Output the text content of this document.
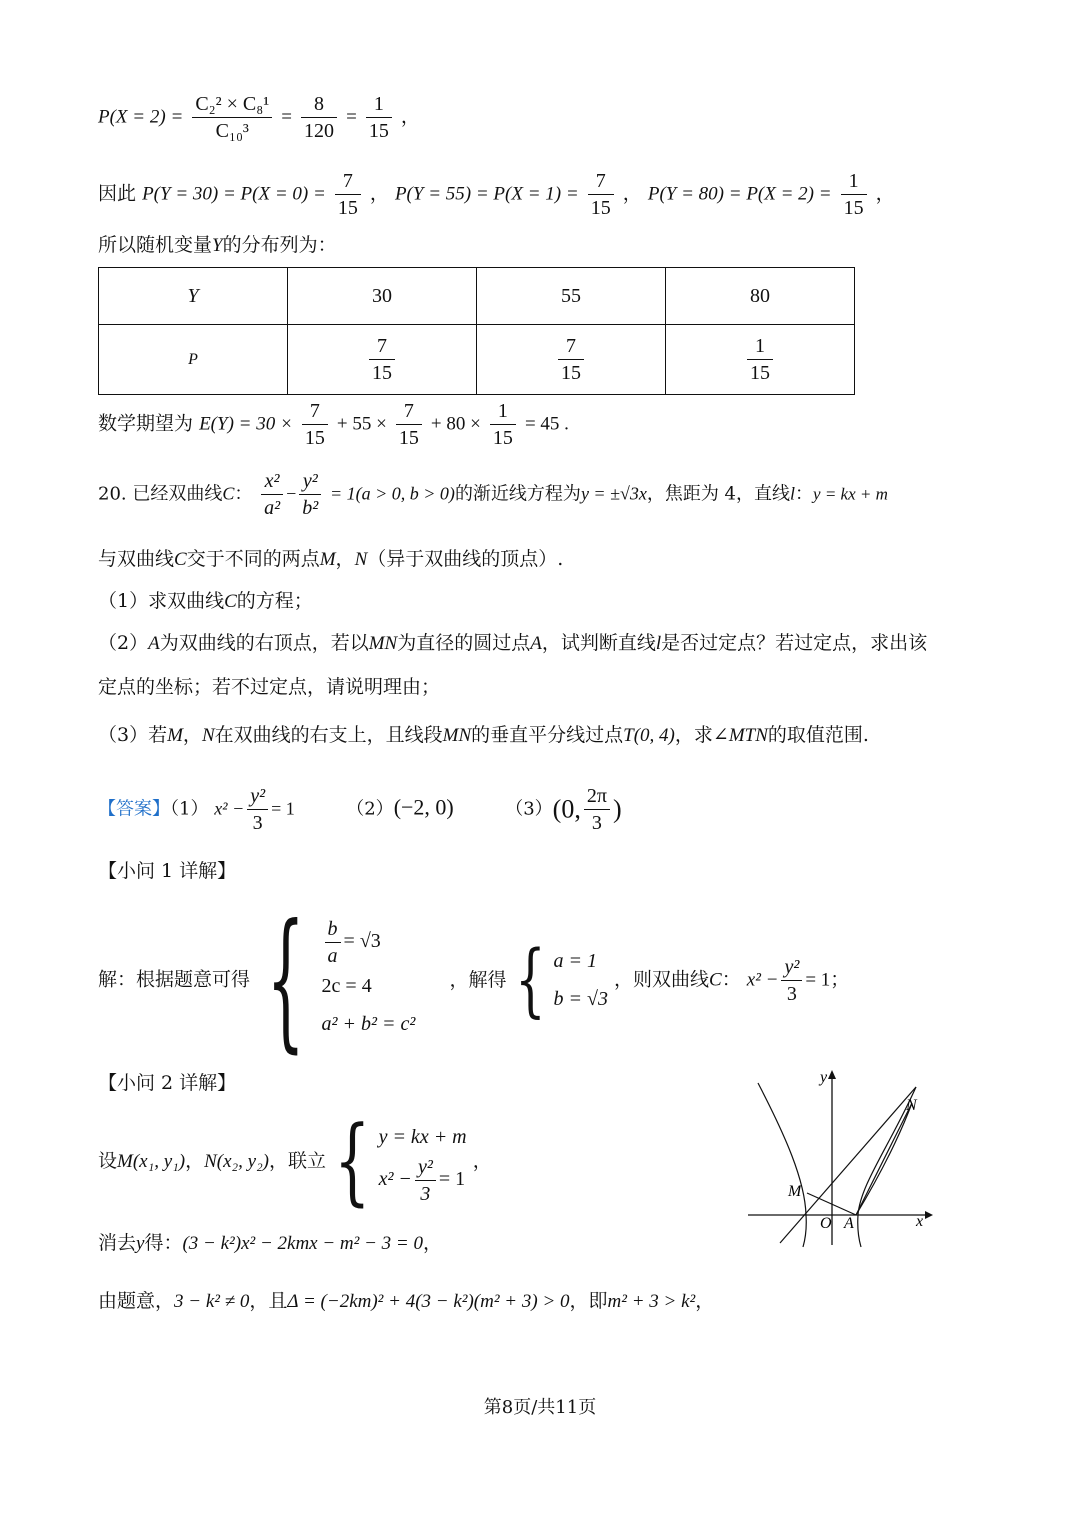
$P(X = 2) = \frac{\text{C₂² × C₈¹}}{\text{C₁₀³}} = \frac{8}{120} = \frac{1}{15}$ ，
因此 $P(Y = 30) = P(X = 0) = \frac{7}{15}$ ， $P(Y = 55) = P(X = 1) = \frac{7}{15}$ ， $P(Y = 80) = P(X = 2) = \frac{1}{15}$ ，
所以随机变量Y的分布列为：
Y	30	55	80
P	$\frac{7}{15}$	$\frac{7}{15}$	$\frac{1}{15}$
数学期望为 $E(Y) = 30 \times \frac{7}{15} + 55 \times \frac{7}{15} + 80 \times \frac{1}{15} = 45$ .
20. 已经双曲线C： $\frac{\text{x²}}{\text{a²}} - \frac{\text{y²}}{\text{b²}} = 1(a > 0$, b > 0)的渐近线方程为y = ±√3x，焦距为 4，直线l：y = kx + m
与双曲线C交于不同的两点M，N（异于双曲线的顶点）.
（1）求双曲线C的方程；
（2）A为双曲线的右顶点，若以MN为直径的圆过点A，试判断直线l是否过定点？若过定点，求出该
定点的坐标；若不过定点，请说明理由；
（3）若M，N在双曲线的右支上，且线段MN的垂直平分线过点T(0, 4)，求∠MTN的取值范围.
【答案】（1） $x^2 - \frac{\text{y²}}{3} = 1$	（2）(−2, 0)	（3）(0, $\frac{2\pi}{3}$ )
【小问 1 详解】
解：根据题意可得 { $\frac{b}{a} = √3$
2c = 4
a² + b² = c²
，解得 { a = 1
b = √3
，则双曲线C： $x^2 - \frac{\text{y²}}{3} = 1$；
【小问 2 详解】
设M(x₁, y₁)，N(x₂, y₂)，联立 { y = kx + m
$x^2 - \frac{\text{y²}}{3} = 1$
，
消去y得：(3 − k²)x² − 2kmx − m² − 3 = 0，
由题意，3 − k² ≠ 0，且Δ = (−2km)² + 4(3 − k²)(m² + 3) > 0，即m² + 3 > k²，
y
x
N
M
O A
第8页/共11页
